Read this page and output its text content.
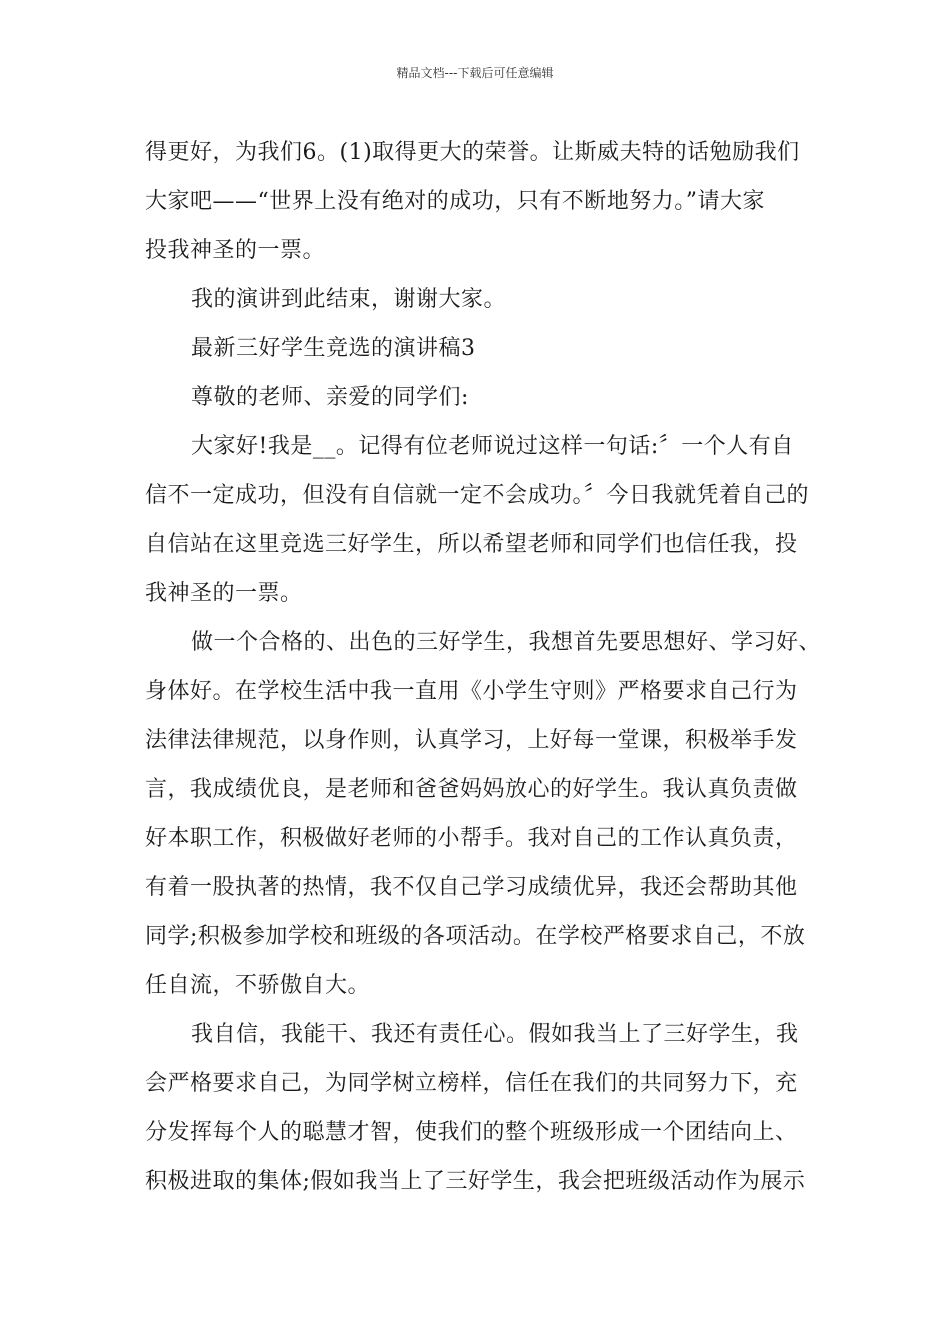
精品文档---下载后可任意编辑
得更好，为我们6。(1)取得更大的荣誉。让斯威夫特的话勉励我们
大家吧——“世界上没有绝对的成功，只有不断地努力。”请大家
投我神圣的一票。
我的演讲到此结束，谢谢大家。
最新三好学生竞选的演讲稿3
尊敬的老师、亲爱的同学们:
大家好!我是__。记得有位老师说过这样一句话:〞一个人有自
信不一定成功，但没有自信就一定不会成功。〞今日我就凭着自己的
自信站在这里竞选三好学生，所以希望老师和同学们也信任我，投
我神圣的一票。
做一个合格的、出色的三好学生，我想首先要思想好、学习好、
身体好。在学校生活中我一直用《小学生守则》严格要求自己行为
法律法律规范，以身作则，认真学习，上好每一堂课，积极举手发
言，我成绩优良，是老师和爸爸妈妈放心的好学生。我认真负责做
好本职工作，积极做好老师的小帮手。我对自己的工作认真负责，
有着一股执著的热情，我不仅自己学习成绩优异，我还会帮助其他
同学;积极参加学校和班级的各项活动。在学校严格要求自己，不放
任自流，不骄傲自大。
我自信，我能干、我还有责任心。假如我当上了三好学生，我
会严格要求自己，为同学树立榜样，信任在我们的共同努力下，充
分发挥每个人的聪慧才智，使我们的整个班级形成一个团结向上、
积极进取的集体;假如我当上了三好学生，我会把班级活动作为展示
